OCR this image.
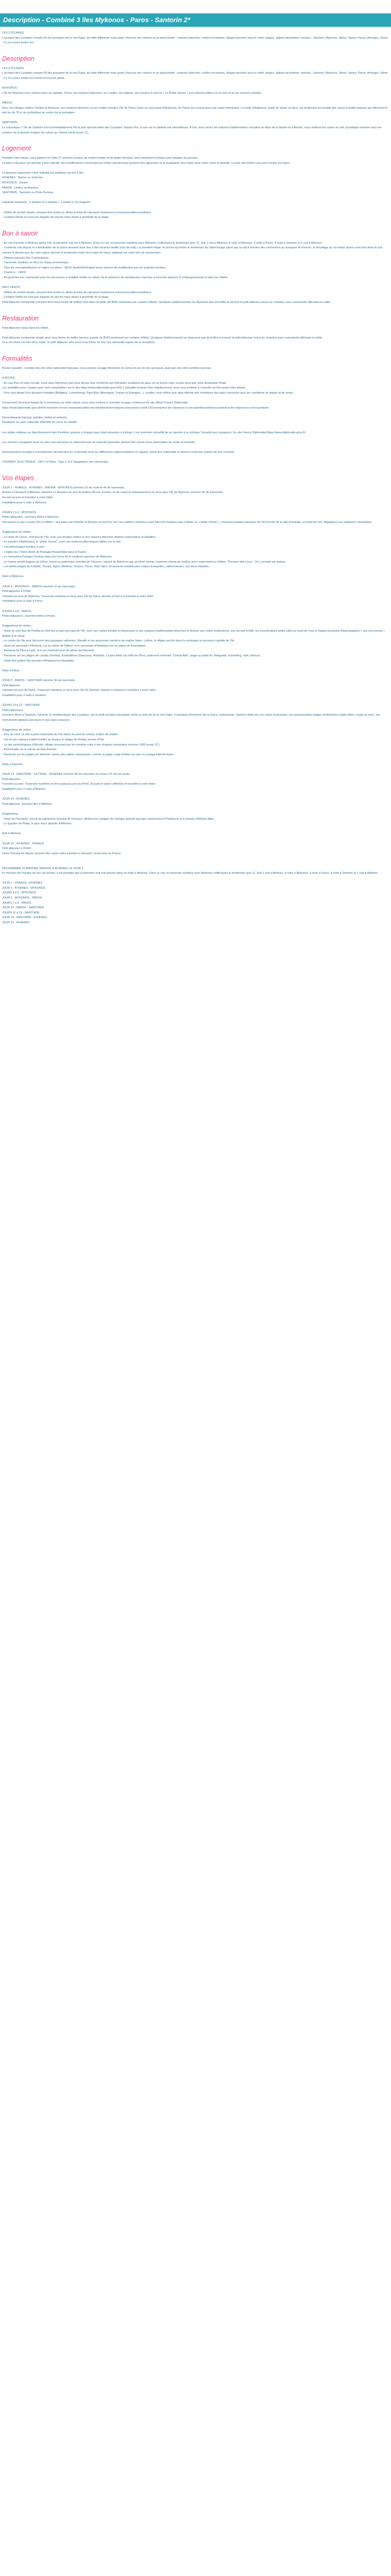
Description - Combiné 3 îles Mykonos - Paros - Santorin 2*

LES CYCLADES

L'archipel des Cyclades compte 56 îles groupées de la mer Égée, de taille différente mais ayant chacune son charme et sa particularité : maisons blanches, ruelles escarpées, villages perchés sous le soleil, plages, églises byzantines, moulins...Santorin, Mykonos, Sifnos, Naxos, Paros, Amorgos, Délos : il y en a pour toutes les...

Description

LES CYCLADES

L'archipel des Cyclades compte 56 îles groupées de la mer Égée, de taille différente mais ayant chacune son charme et sa particularité : maisons blanches, ruelles escarpées, villages perchés sous le soleil, plages, églises byzantines, moulins...Santorin, Mykonos, Sifnos, Naxos, Paros, Amorgos, Délos : il y en a pour toutes les envies et tous les goûts.

MYKONOS :

L'île de Mykonos vous séduira avec sa capitale, Chora, ses maisons blanches, ses ruelles, ses églises, ses moulins à vent et « La Petite Venise » aux maisons bâties sur la mer et sa vie nocturne animée.

PAROS :

Avec ses villages côtiers, Parikia et Naoussa, aux maisons blanches et aux ruelles étroites, l'île de Paros (situe au sud-ouest d'Mykonos), de Paros est connue pour son cadre intemporel. La visite d'Antiparos, petite île située en face, est facilement accessible par cirque et petits bateaux qui sillonnent le port ou de 70 m de profondeur au centre de la montagne.

SANTORIN :

Le volcanique / L'île de Santorin est incontestablement l'île la plus spectaculaire des Cyclades. Depuis Fira, la vue sur la caldeira est merveilleuse. A Oia, vous verrez les maisons traditionnelles creusées au flanc de la falaise et à Akrotiri, vous visiterez les ruines du site cycladique essaimé sous les cendres de la grande éruption du volcan au 16ème siècle avant J.C.

Logement

Pendant votre séjour, vous logerez en hôtel 2* (normes locales) de confort simple et de petite structure, dont seulement certains sont équipés de piscines.

La liste ci-dessous est donnée à titre indicatif, des modifications concernant les hôtels sélectionnés peuvent être apportées et la localisation des hôtels peut varier selon la période. La liste des hôtels vous sera remise sur place.

Ci-dessous logements à titre indicatif (ou similaire) sur les 3 îles :

ATHENES : Marine ou Solomou

MYKONOS : Zanels

PAROS : Lindos ou Anezina

SANTORIN : Santorini ou Porto Perissa

Capacité maximum : 3 adultes ou 2 adultes + 1 enfant (+ fin d'apport).

- Hôtels de confort simple, pouvant être isolés ou situés proche de l'aéroport (nuisances sonores/visuelles possibles).

- Certains hôtels ne sont pas équipés de piscine mais situés à proximité de la plage.

Bon à savoir

- En cas d'arrivée à Athènes après 13h, la première nuit est à Athènes. Dans ce cas, la traversée maritime pour Mykonos s'effectuera le lendemain (jour 2). Soit 1 nuit à Athènes, 4 nuits à Mykonos, 4 nuits à Paros, 4 nuits à Santorin et 1 nuit à Athènes.

- Certaines vols depuis et à destination de la Grèce peuvent avoir lieu à des horaires tardifs (vols de nuit). La première étape ne pourra qu'arriver le lendemain de l'atterrissage (ainsi que la nuit d'arrivée) des connexions au transport. A l'inverse, le décollage du vol retour pourra avoir lieu dans la nuit suivant le dernier jour de votre séjour (arrivée le lendemain matin de la date de retour indiquée sur votre bon de commande).

- Départs garantis dès 2 participants.

- Traversée maritime en ferry en classe économique

- Tous les correspondances et règles sur place : ZEUS (Hydrofoil/Seajet) (sous réserve de modification par les autorités locales).

- Check-in : 14h00

- Programme non contractuel pour les personnes à mobilité réduite en raison de la présence de nombreuses marches à bord des bateaux (2 embarquements) et dans les hôtels.

INFO VERITE :

- Hôtels de confort simple, pouvant être isolés ou situés proche de l'aéroport (nuisances sonores/visuelles possibles).

- Certains hôtels ne sont pas équipés de piscine mais situés à proximité de la plage.

Petit-déjeuner continental (souvent servi sous forme de buffet) servi dans la partie de 8h00 seulement sur certains hôtels). Quelques établissements ne disposent pas de buffet et servent le petit-déjeuner inclus en chambre sous commande effectuée la veille.

Restauration

Petit-déjeuner inclus dans les hôtels.

Petit-déjeuner continental simple servi sous forme de buffet (service à partir de 8h30 seulement sur certains hôtels). Quelques établissements ne disposent pas de buffet et servent le petit-déjeuner inclus en chambre sous commande effectuée la veille.

Si le vol retour est très tôt le matin, le petit déjeuner sera servi sous forme de box (sur demande auprès de la réception).

Formalités

Bonne nouvelle : Compte tenu de votre nationalité française, vous pouvez voyager librement en Grèce et sur les îles grecques, quel que soit votre schéma vaccinal.

A NOTER

- En cas d'un vol avec escale, nous vous informons que vous devrez être conforme aux formalités sanitaires du pays où se trouve votre escale ainsi que votre destination finale.

Les modalités pour chaque pays sont consultables sur le site https://www.diplomatie.gouv.fr/fr/ L'actualité évoluant très régulièrement, nous vous invitons à consulter un lien avant votre départ.

- Pour tout départ d'un aéroport frontalier (Belgique, Luxembourg, Pays-Bas, Allemagne, Suisse ou Espagne...), veuillez vous référer aux sites officiels des ministères des pays concernés pour les conditions de départ et de retour.

Concernant l'éventuel impact du Coronavirus sur votre séjour, nous vous invitons à consulter la page ci-dessous du site officiel France Diplomatie :

https://www.diplomatie.gouv.fr/fr/le-ministere-et-son-reseau/actualites-du-ministere/informations-coronavirus-covid-19/coronavirus-les-reponses-a-vos-questions/article/coronavirus-les-reponses-a-vos-questions

Ressortissants français (adultes, bébés et enfants) :

Passeport ou carte nationale d'identité en cours de validité.

Les règles relatives au franchissement des frontières propres à chaque pays étant amenées à évoluer, il est vivement conseillé de se reporter à la rubrique "conseils aux voyageurs" du site France Diplomatie.https://www.diplomatie.gouv.fr/

Les mineurs voyageant seuls ou avec une personne ne disposant pas de l'autorité parentale doivent être munis d'une autorisation de sortie de territoire.

Ressortissants étrangers et binationaux devront être en conformité avec les différentes réglementations en vigueur, selon leur nationalité et doivent s'informer auprès de leur consulat.

COURANT ÉLECTRIQUE : 230 V et 50Hz. Type C et F. Adaptateur non nécessaire.

Vos étapes

JOUR 1 : FRANCE - ATHENES - RAFINA - MYKONOS (environ 1h de route et 4h de traversée)

Arrivée à l'aéroport d'Athènes, transfert en direction du port de Rafina (40 km, environ 1h de route) et embarquement en ferry pour l'île de Mykonos (environ 4h de traversée).

Accueil au port et transfert à votre hôtel.

Installation pour 4 nuits à Mykonos.

JOURS 2 à 4 : MYKONOS

Petits-déjeuners. Journées libres à Mykonos.

Découvrez ce qui a rendu l'île si célèbre : ses jolies rues étroites et fleuries en bord de mer, les célèbres moulins à vent dans les hauteurs des collines, la « petite Venise », charmant quartier populaire de l'île proche de la ville principale, en bord de mer, dégageant une ambiance romantique.

Suggestions de visites :

- La visite de Chora, chef-lieu de l'île, avec ses étroites ruelles et ses maisons blanches dédiées harmonieux et équilibré.

- Le quartier d'Alefkandra, le "petite Venise", avec ses maisons pittoresques bâties sur la mer.

- Les pittoresques moulins à vent.

- L'église du 17ème siècle de Panagia Paraportiani dans le Kastro.

- Le monastère Panagia Tourliani dans les terres de la moderne paroisse de Mykonos.

- Le musée archéologique de Délos, inscrit au patrimoine mondial de l'Unesco, séparé de Mykonos par un étroit chenal, immense champ de fouilles avec notamment la célèbre "Terrasse des Lions". On y accède par bateau.

- Les belles plages de Kalafati, Tourlos, Agios Stefanos, Psarou, Ornos, Plati Yalos. Et aussi de nombreuses criques tranquilles, sablonneuses, aux vieux limpides...

Nuits à Mykonos.

JOUR 5 : MYKONOS - PAROS (environ 1h de traversée)

Petit-déjeuner à l'hôtel.

Transfert au port de Mykonos. Traversée maritime en ferry pour l'île de Paros. Arrivée à Paros et transfert à votre hôtel.

Installation pour 4 nuits à Paros.

JOURS 6 à 8 : PAROS

Petits-déjeuners. Journées libres à Paros.

Suggestions de visites :

- Visite du chef-lieu de Parikia (à chef-lieu et port principal de l'île, avec ses ruelles étroites et tortueuses et ses maisons traditionnelles blanches et fleuries aux volets multicolores, son accueil fortifié, les innombrables petits cafés au bord de l'eau et l'église byzantine Ekatontapiliani « aux cent portes » dédiée à la vierge.

- Le centre de l'île pour découvrir des paysages vallonnés. Marathi et les anciennes carrières de marbre blanc. Lefkes, le village perché dans la montagne et ancienne capitale de l'île.

- Visite du sanctuaire d'Artémis, sur la colline de Dilliani, et le sanctuaire d'Asklépios sur la colline de Koundados.

- Naoussa (le Pisa à vaut), et et au charmant port de pêche de Naoussa.

- Parsiente sur les plages de Livadia (Parikia), Kolimbithres (Naoussa), Ambelas. La plus belle est celle de Drios, justement nommée "Chrissi Akti", plage au sable fin, Beligrade, snorkeling, voile, kitesurf...

- Visite des petites îles proches d'Antiparos et Despotiko.

Nuits à Paros.

JOUR 9 : PAROS - SANTORIN (environ 3h de traversée)

Petit-déjeuner.

Transfert au port de Paros. Traversée maritime en ferry pour l'île de Santorin. Arrivée à Santorin et transfert à votre hôtel.

Installation pour 4 nuits à Santorin.

JOURS 10 à 12 : SANTORIN

Petits-déjeuners.

Journées libres à Santorin. Santorin, le emblématique des Cyclades, est un petit archipel volcanique niché au sud-est de la mer Egée, à quelques kilomètres de la Grèce continentale. Santorin attire par son cadre enchanteur, ses spectaculaires plages multicolores (sable blanc, rouge ou noir), ses monuments typiques grecques et ses eaux turquoise.

Suggestions de visites :

- Fira, au nord, la ville la plus importante de l'île située au pied du volcan, à flanc de falaise.

- Oia et ses maisons traditionnelles au dessus le village de Finikia, proche d'Oia

- Le site archéologique d'Akrotiri, village recouvert par les cendres suite à une éruption volcanique (environ 1500 avant J.C)

- Promenade sur le volcan de Nea Kameni.

- Parsiente sur les plages de Santorin, issues des sables volcaniques, comme la plage rouge Kokkini au sud ou la plage blanche Aspri.

Nuits à Santorin

JOUR 13 : SANTORIN - LE PIREE - ATHENES (environ 8h de traversée et environ 20 min de route)

Petit-déjeuner.

Transfert au port. Traversée maritime en ferry jusqu'au port du Pirée. Accueil et visite à Athènes et transfert à votre hôtel.

Installation pour 2 nuits à Athènes.

JOUR 14 : ATHENES

Petit-déjeuner. Journée libre à Athènes.

Suggestions :

- Visite de l'Acropole, inscrit au patrimoine mondial de l'Unesco, abritant les vestiges de l'antique période grecque notamment le Parthénon et le temple d'Athéna Niké.

- Le quartier de Plaka, le plus vieux quartier d'Athènes.

Nuit à Athènes.

JOUR 15 : ATHENES - FRANCE

Petit déjeuner à l'hôtel.

Selon l'horaire de départ, journée libre avant votre transfert à l'aéroport. Envol pour la France.

PROGRAMME SI ARRIVEE TARDIVE À ATHÈNES LE JOUR 1 :

En fonction de l'horaire de son vol arrivée, il est possible que la première nuit soit passée dans un hôtel à Athènes. Dans ce cas, la traversée maritime pour Mykonos s'effectuera le lendemain (jour 2). Soit 1 nuit à Athènes, 4 nuits à Mykonos, 4 nuits à Paros, 4 nuits à Santorin et 1 nuit à Athènes :

JOUR 1 : FRANCE - ATHENES

JOUR 2 : ATHENES - MYKONOS

JOURS 3 à 5 : MYKONOS

JOUR 6 : MYKONOS - PAROS

JOURS 7 à 9 : PAROS

JOUR 10 : PAROS - SANTORIN

JOURS 11 à 13 : SANTORIN

JOUR 14 : SANTORIN - ATHENES

JOUR 15 : ATHENES
